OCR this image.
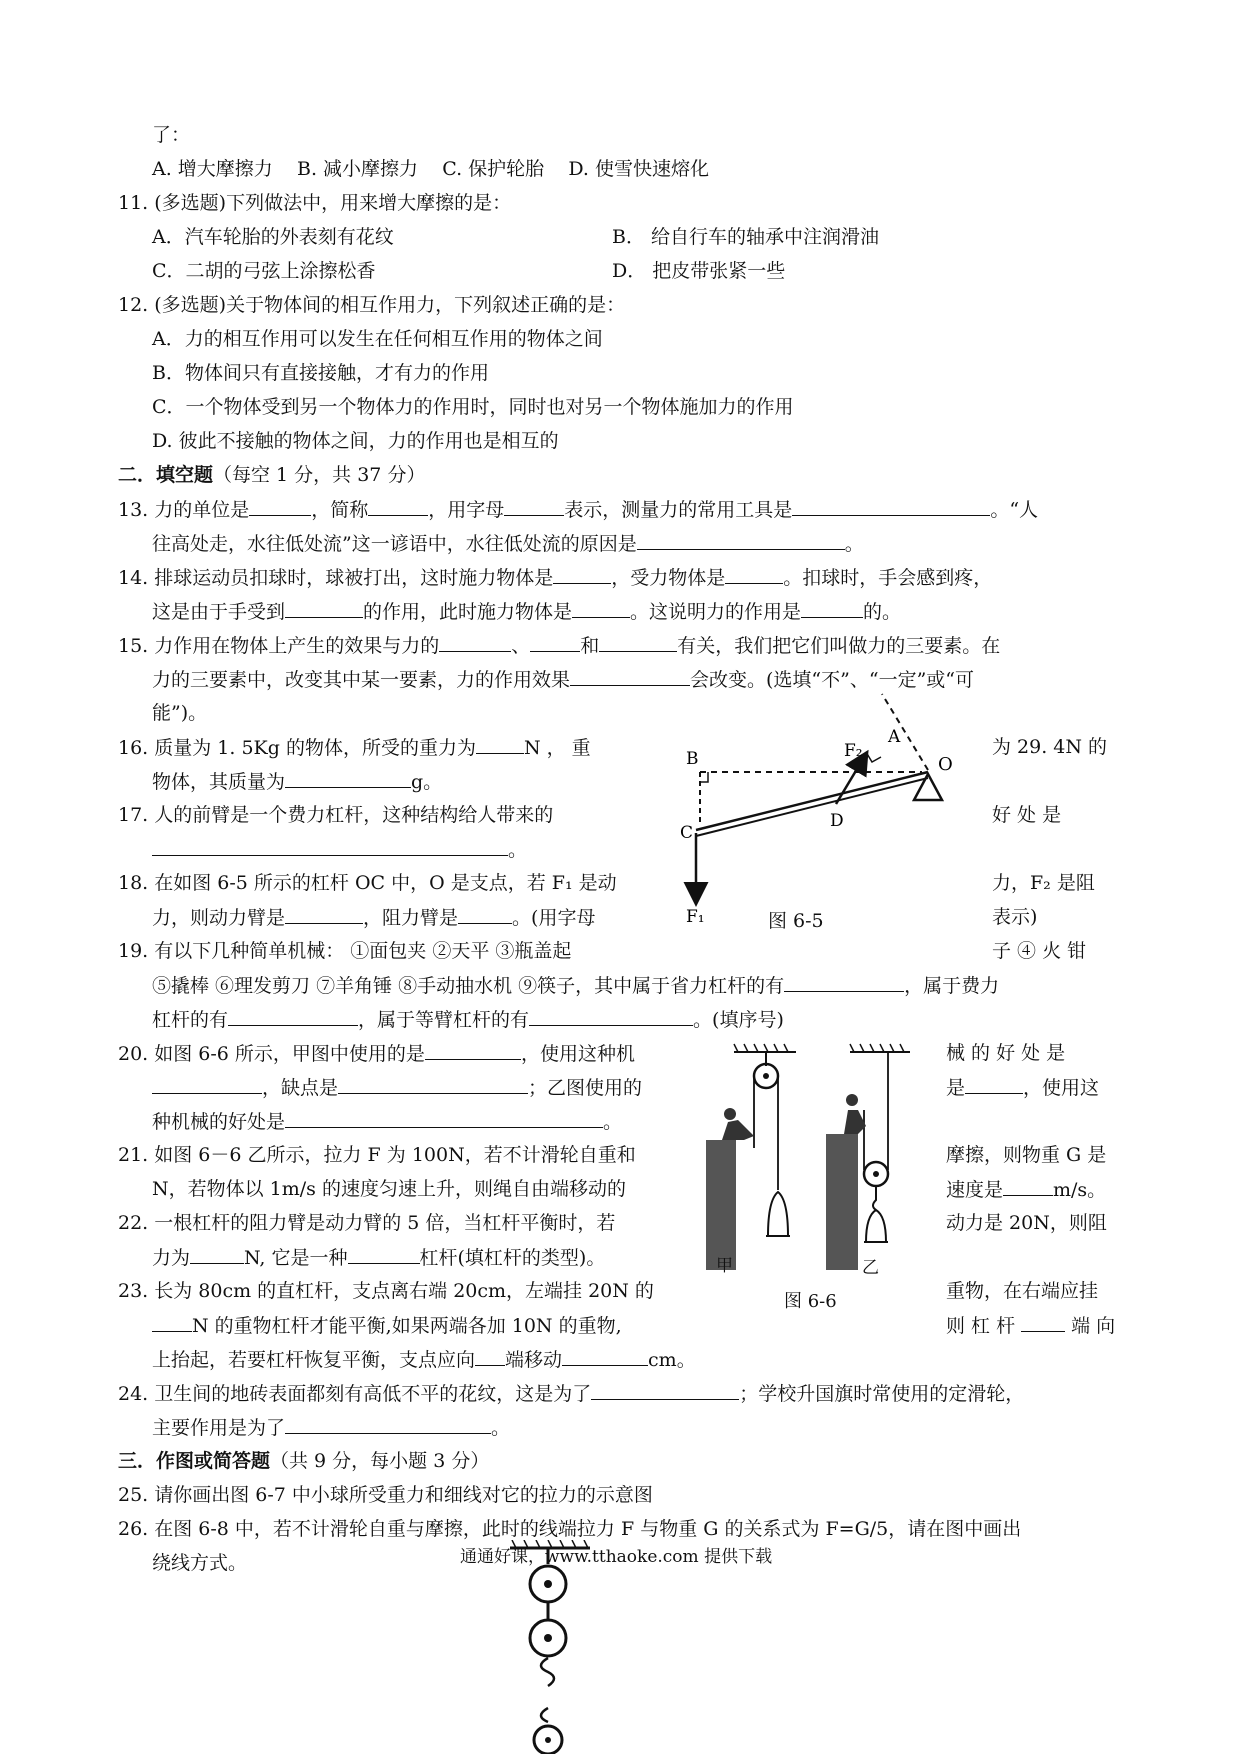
了：
A. 增大摩擦力 B. 减小摩擦力 C. 保护轮胎 D. 使雪快速熔化
11. (多选题)下列做法中，用来增大摩擦的是：
A．汽车轮胎的外表刻有花纹	B． 给自行车的轴承中注润滑油
C．二胡的弓弦上涂擦松香	D． 把皮带张紧一些
12. (多选题)关于物体间的相互作用力，下列叙述正确的是：
A．力的相互作用可以发生在任何相互作用的物体之间
B．物体间只有直接接触，才有力的作用
C．一个物体受到另一个物体力的作用时，同时也对另一个物体施加力的作用
D. 彼此不接触的物体之间，力的作用也是相互的
二．填空题（每空 1 分，共 37 分）
13. 力的单位是	，简称	，用字母	表示，测量力的常用工具是	。“人
往高处走，水往低处流”这一谚语中，水往低处流的原因是	。
14. 排球运动员扣球时，球被打出，这时施力物体是	，受力物体是	。扣球时，手会感到疼，
这是由于手受到	的作用，此时施力物体是	。这说明力的作用是	的。
15. 力作用在物体上产生的效果与力的	、	和	有关，我们把它们叫做力的三要素。在
力的三要素中，改变其中某一要素，力的作用效果	会改变。(选填“不”、“一定”或“可
能”)。
16. 质量为 1. 5Kg 的物体，所受的重力为	N ， 重	为 29. 4N 的
物体，其质量为	g。
17. 人的前臂是一个费力杠杆，这种结构给人带来的	好 处 是
。
18. 在如图 6-5 所示的杠杆 OC 中，O 是支点，若 F₁ 是动	力，F₂ 是阻
力，则动力臂是	，阻力臂是	。(用字母	表示)
19. 有以下几种简单机械： ①面包夹 ②天平 ③瓶盖起	子 ④ 火 钳
⑤撬棒 ⑥理发剪刀 ⑦羊角锤 ⑧手动抽水机 ⑨筷子，其中属于省力杠杆的有	，属于费力
杠杆的有	，属于等臂杠杆的有	。(填序号)
20. 如图 6-6 所示，甲图中使用的是	，使用这种机	械 的 好 处 是
，缺点是	；乙图使用的	是	，使用这
种机械的好处是	。
21. 如图 6－6 乙所示，拉力 F 为 100N，若不计滑轮自重和	摩擦，则物重 G 是
N，若物体以 1m/s 的速度匀速上升，则绳自由端移动的	速度是	m/s。
22. 一根杠杆的阻力臂是动力臂的 5 倍，当杠杆平衡时，若	动力是 20N，则阻
力为	N, 它是一种	杠杆(填杠杆的类型)。
23. 长为 80cm 的直杠杆，支点离右端 20cm，左端挂 20N 的	重物，在右端应挂
N 的重物杠杆才能平衡,如果两端各加 10N 的重物,	则 杠 杆	端 向
上抬起，若要杠杆恢复平衡，支点应向 端移动	cm。
24. 卫生间的地砖表面都刻有高低不平的花纹，这是为了	；学校升国旗时常使用的定滑轮，
主要作用是为了	。
三．作图或简答题（共 9 分，每小题 3 分）
25. 请你画出图 6-7 中小球所受重力和细线对它的拉力的示意图
26. 在图 6-8 中，若不计滑轮自重与摩擦，此时的线端拉力 F 与物重 G 的关系式为 F=G/5，请在图中画出
绕线方式。
F₂
A
O
B
D
C
F₁	图 6-5
甲	乙
图 6-6
通通好课，www.tthaoke.com 提供下载
